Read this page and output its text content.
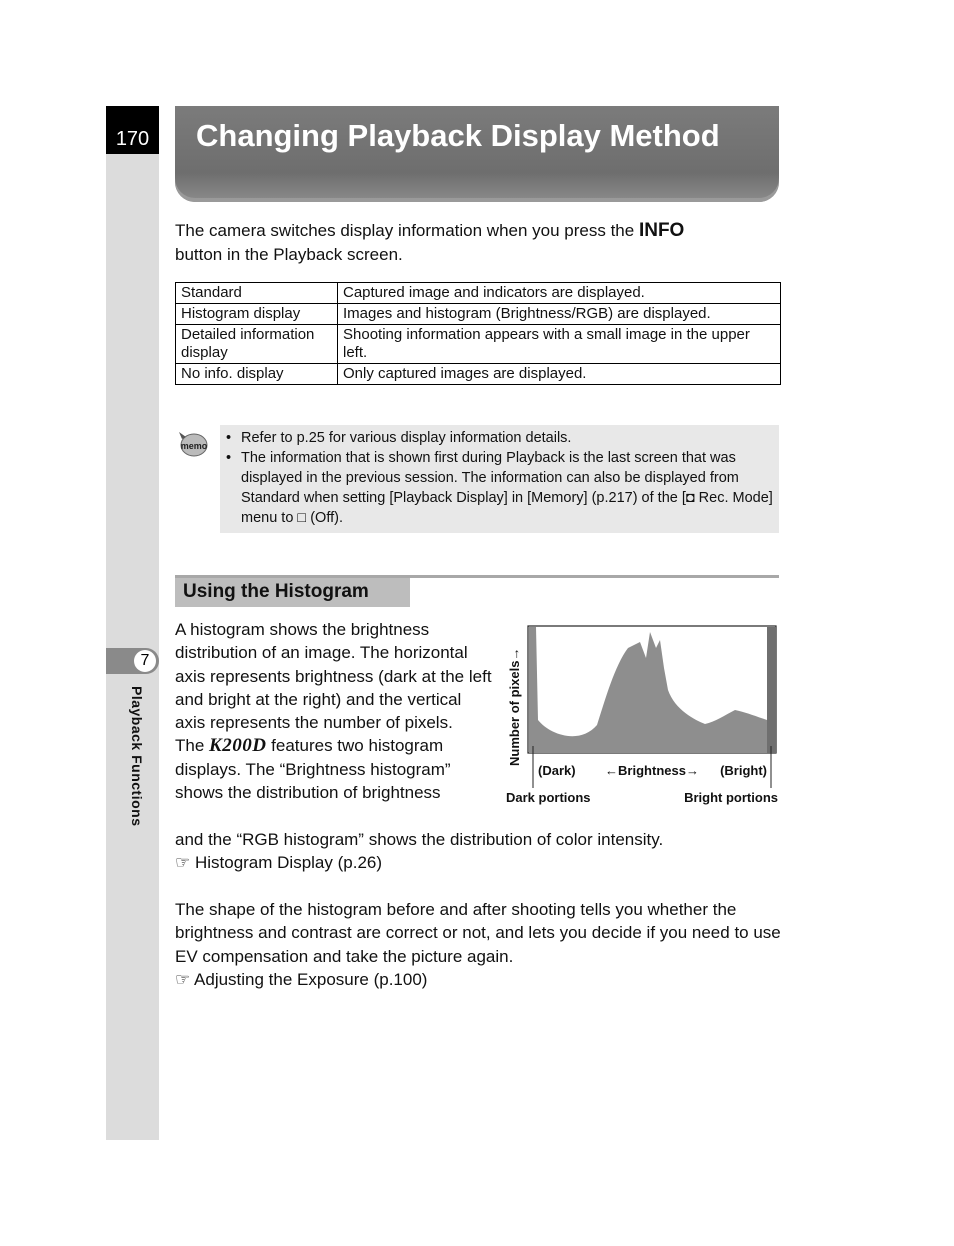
170
7
Playback Functions
Changing Playback Display Method

The camera switches display information when you press the INFO
button in the Playback screen.

Standard	Captured image and indicators are displayed.
Histogram display	Images and histogram (Brightness/RGB) are displayed.
Detailed information display	Shooting information appears with a small image in the upper left.
No info. display	Only captured images are displayed.
memo • Refer to p.25 for various display information details.
• The information that is shown first during Playback is the last screen that was displayed in the previous session. The information can also be displayed from Standard when setting [Playback Display] in [Memory] (p.217) of the [◘ Rec. Mode] menu to □ (Off).
Using the Histogram

A histogram shows the brightness distribution of an image. The horizontal axis represents brightness (dark at the left and bright at the right) and the vertical axis represents the number of pixels.
The K200D features two histogram displays. The “Brightness histogram” shows the distribution of brightness

and the “RGB histogram” shows the distribution of color intensity.
☞ Histogram Display (p.26)

The shape of the histogram before and after shooting tells you whether the brightness and contrast are correct or not, and lets you decide if you need to use EV compensation and take the picture again.
☞ Adjusting the Exposure (p.100)

Number of pixels→
(Dark) ←Brightness→ (Bright)
Dark portions	Bright portions
